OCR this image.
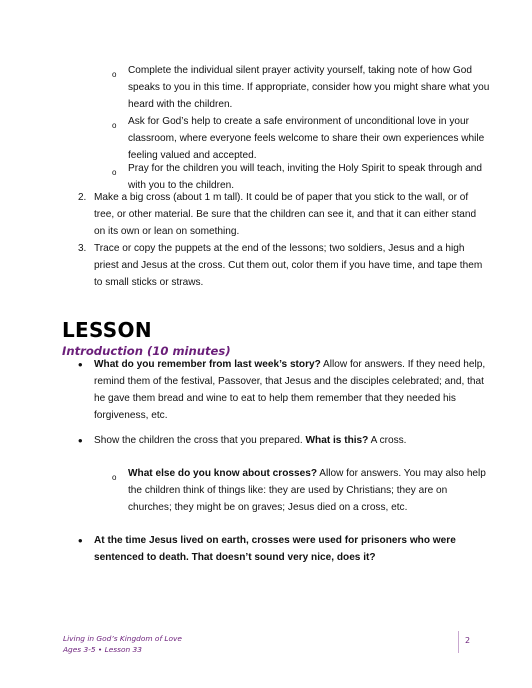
o Complete the individual silent prayer activity yourself, taking note of how God speaks to you in this time. If appropriate, consider how you might share what you heard with the children.
o Ask for God’s help to create a safe environment of unconditional love in your classroom, where everyone feels welcome to share their own experiences while feeling valued and accepted.
o Pray for the children you will teach, inviting the Holy Spirit to speak through and with you to the children.
2. Make a big cross (about 1 m tall). It could be of paper that you stick to the wall, or of tree, or other material. Be sure that the children can see it, and that it can either stand on its own or lean on something.
3. Trace or copy the puppets at the end of the lessons; two soldiers, Jesus and a high priest and Jesus at the cross. Cut them out, color them if you have time, and tape them to small sticks or straws.
LESSON
Introduction (10 minutes)
• What do you remember from last week’s story? Allow for answers. If they need help, remind them of the festival, Passover, that Jesus and the disciples celebrated; and, that he gave them bread and wine to eat to help them remember that they needed his forgiveness, etc.
• Show the children the cross that you prepared. What is this? A cross.
o What else do you know about crosses? Allow for answers. You may also help the children think of things like: they are used by Christians; they are on churches; they might be on graves; Jesus died on a cross, etc.
• At the time Jesus lived on earth, crosses were used for prisoners who were sentenced to death. That doesn’t sound very nice, does it?
Living in God’s Kingdom of Love
Ages 3-5 • Lesson 33
2
